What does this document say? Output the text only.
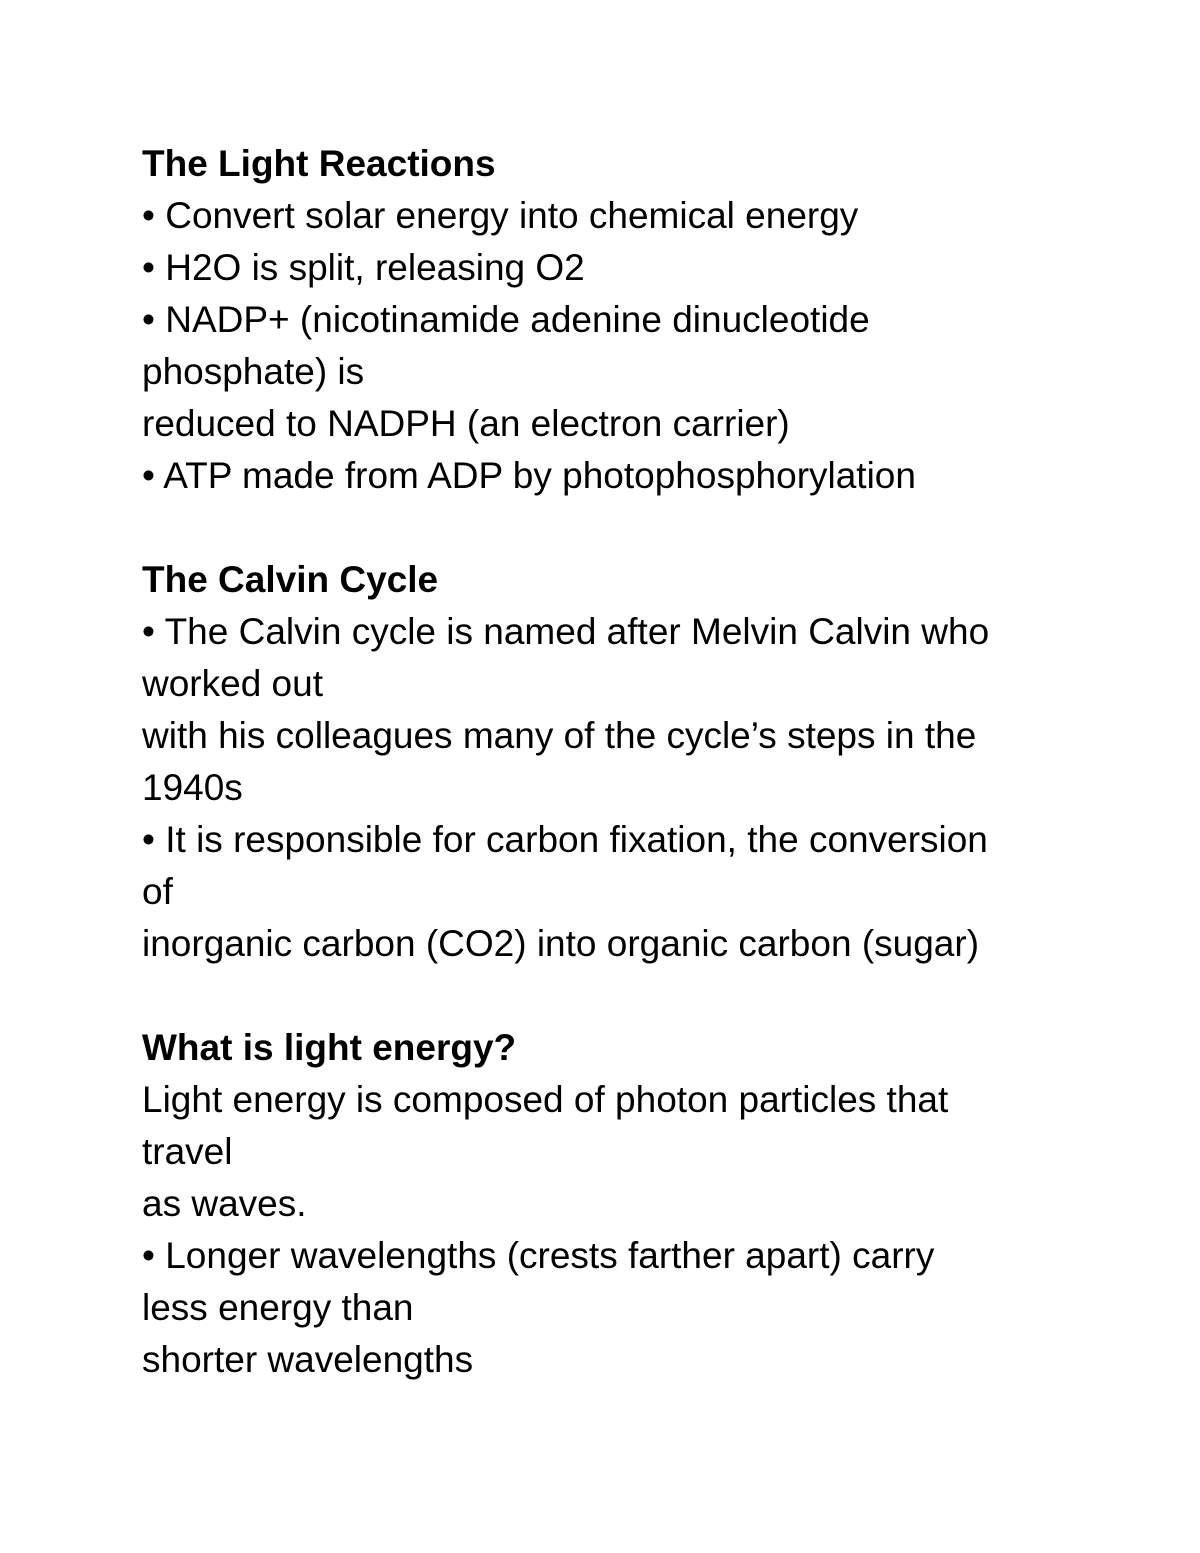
The Light Reactions
• Convert solar energy into chemical energy
• H2O is split, releasing O2
• NADP+ (nicotinamide adenine dinucleotide
phosphate) is
reduced to NADPH (an electron carrier)
• ATP made from ADP by photophosphorylation
The Calvin Cycle
• The Calvin cycle is named after Melvin Calvin who
worked out
with his colleagues many of the cycle’s steps in the
1940s
• It is responsible for carbon fixation, the conversion
of
inorganic carbon (CO2) into organic carbon (sugar)
What is light energy?
Light energy is composed of photon particles that
travel
as waves.
• Longer wavelengths (crests farther apart) carry
less energy than
shorter wavelengths
